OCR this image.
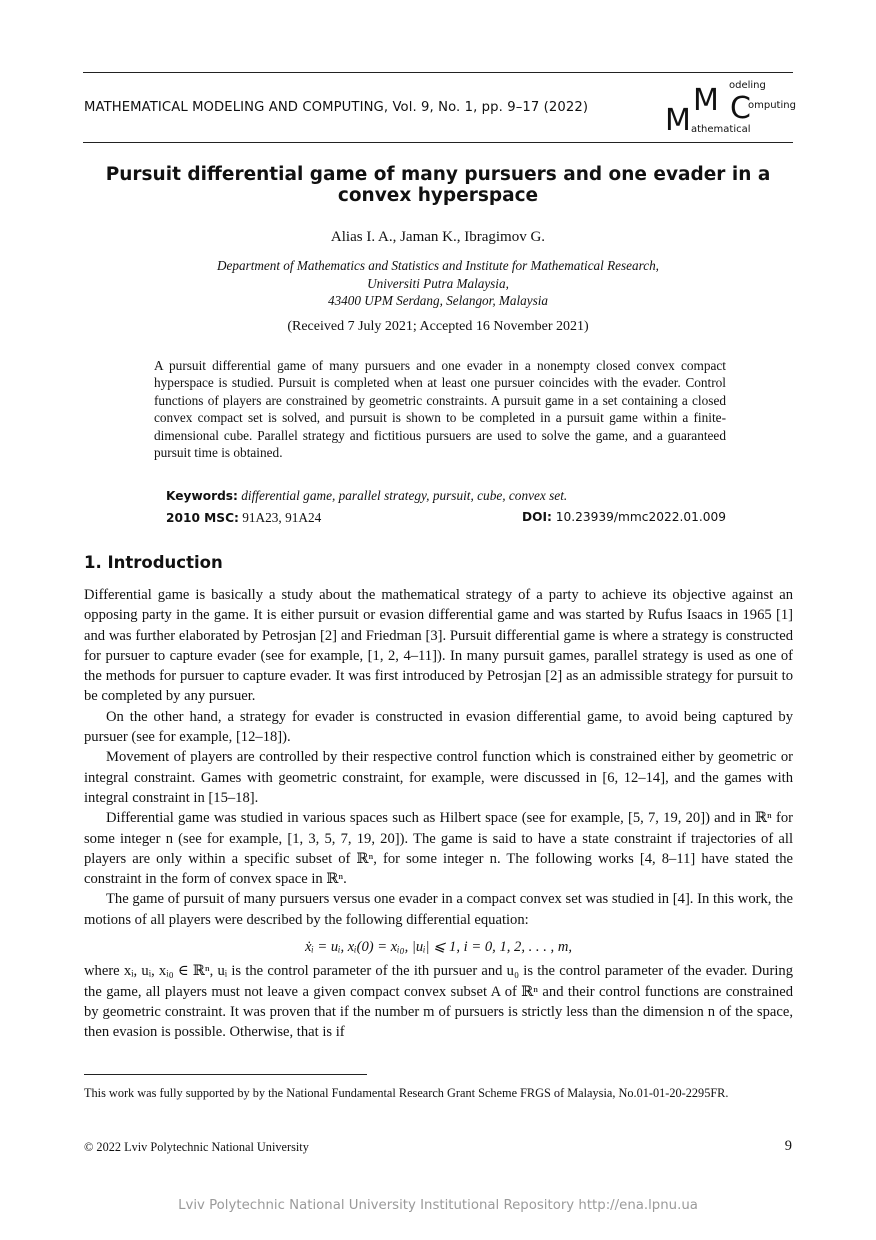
MATHEMATICAL MODELING AND COMPUTING, Vol. 9, No. 1, pp. 9–17 (2022)	M
M C
odeling
omputing
athematical
Pursuit differential game of many pursuers and one evader in a convex hyperspace
Alias I. A., Jaman K., Ibragimov G.
Department of Mathematics and Statistics and Institute for Mathematical Research,
Universiti Putra Malaysia,
43400 UPM Serdang, Selangor, Malaysia
(Received 7 July 2021; Accepted 16 November 2021)
A pursuit differential game of many pursuers and one evader in a nonempty closed convex compact hyperspace is studied. Pursuit is completed when at least one pursuer coincides with the evader. Control functions of players are constrained by geometric constraints. A pursuit game in a set containing a closed convex compact set is solved, and pursuit is shown to be completed in a pursuit game within a finite-dimensional cube. Parallel strategy and fictitious pursuers are used to solve the game, and a guaranteed pursuit time is obtained.
Keywords: differential game, parallel strategy, pursuit, cube, convex set.
2010 MSC: 91A23, 91A24	DOI: 10.23939/mmc2022.01.009
1. Introduction

Differential game is basically a study about the mathematical strategy of a party to achieve its objective against an opposing party in the game. It is either pursuit or evasion differential game and was started by Rufus Isaacs in 1965 [1] and was further elaborated by Petrosjan [2] and Friedman [3]. Pursuit differential game is where a strategy is constructed for pursuer to capture evader (see for example, [1, 2, 4–11]). In many pursuit games, parallel strategy is used as one of the methods for pursuer to capture evader. It was first introduced by Petrosjan [2] as an admissible strategy for pursuit to be completed by any pursuer.

On the other hand, a strategy for evader is constructed in evasion differential game, to avoid being captured by pursuer (see for example, [12–18]).

Movement of players are controlled by their respective control function which is constrained either by geometric or integral constraint. Games with geometric constraint, for example, were discussed in [6, 12–14], and the games with integral constraint in [15–18].

Differential game was studied in various spaces such as Hilbert space (see for example, [5, 7, 19, 20]) and in ℝⁿ for some integer n (see for example, [1, 3, 5, 7, 19, 20]). The game is said to have a state constraint if trajectories of all players are only within a specific subset of ℝⁿ, for some integer n. The following works [4, 8–11] have stated the constraint in the form of convex space in ℝⁿ.

The game of pursuit of many pursuers versus one evader in a compact convex set was studied in [4]. In this work, the motions of all players were described by the following differential equation:

ẋᵢ = uᵢ, xᵢ(0) = xᵢ₀, |uᵢ| ⩽ 1, i = 0, 1, 2, . . . , m,

where xᵢ, uᵢ, xᵢ₀ ∈ ℝⁿ, uᵢ is the control parameter of the ith pursuer and u₀ is the control parameter of the evader. During the game, all players must not leave a given compact convex subset A of ℝⁿ and their control functions are constrained by geometric constraint. It was proven that if the number m of pursuers is strictly less than the dimension n of the space, then evasion is possible. Otherwise, that is if

This work was fully supported by by the National Fundamental Research Grant Scheme FRGS of Malaysia, No.01-01-20-2295FR.
© 2022 Lviv Polytechnic National University	9
Lviv Polytechnic National University Institutional Repository http://ena.lpnu.ua
